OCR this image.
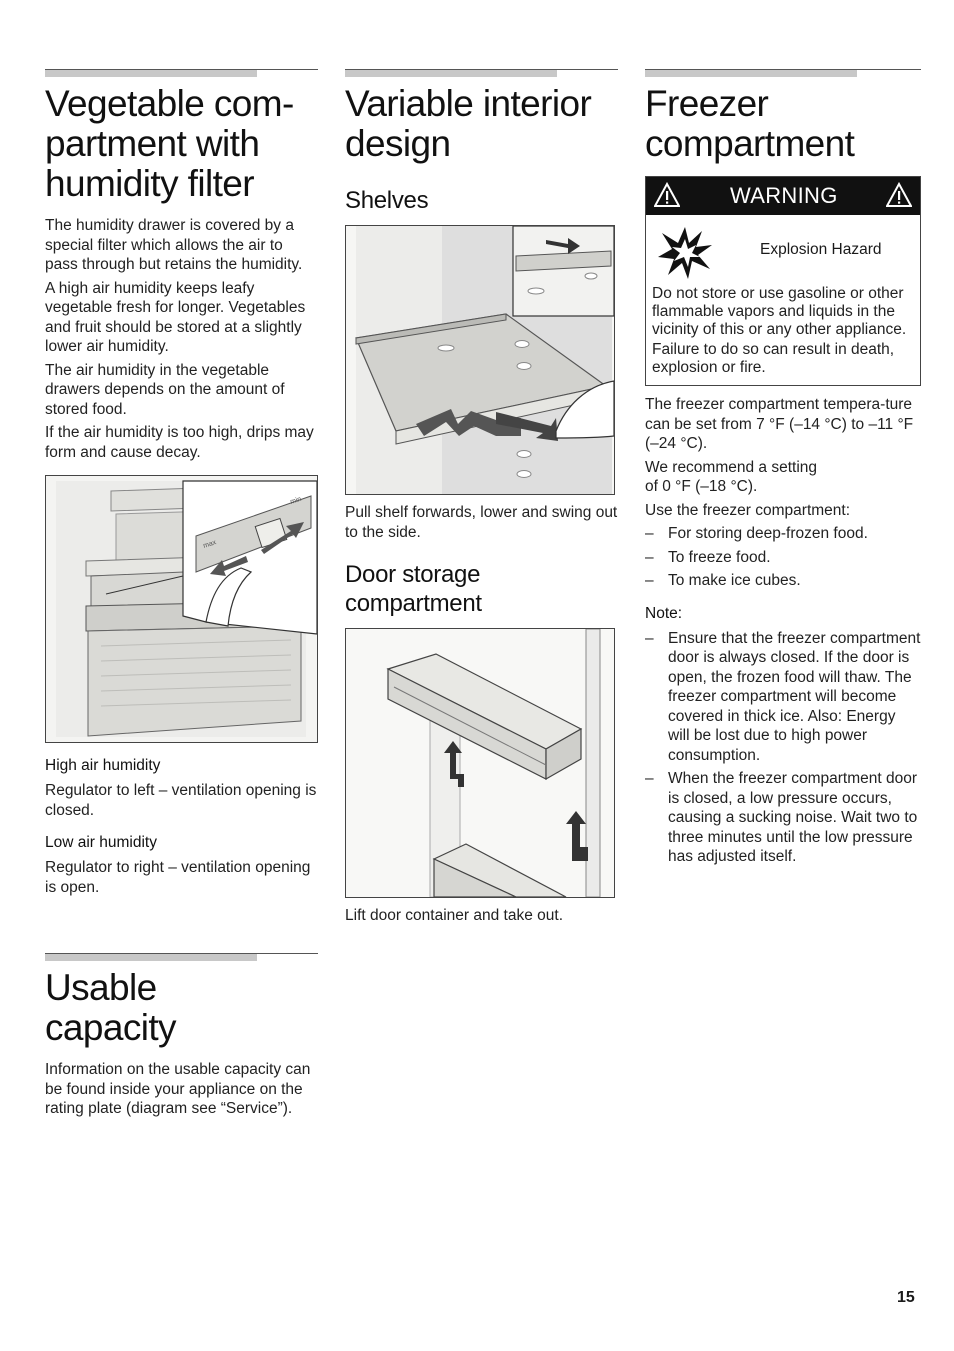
Vegetable com-
partment with
humidity filter

The humidity drawer is covered by a special filter which allows the air to pass through but retains the humidity.

A high air humidity keeps leafy vegetable fresh for longer. Vegetables and fruit should be stored at a slightly lower air humidity.

The air humidity in the vegetable drawers depends on the amount of stored food.

If the air humidity is too high, drips may form and cause decay.

max
min
High air humidity

Regulator to left – ventilation opening is closed.

Low air humidity

Regulator to right – ventilation opening is open.

Usable
capacity

Information on the usable capacity can be found inside your appliance on the rating plate (diagram see “Service”).

Variable interior
design
Shelves

Pull shelf forwards, lower and swing out to the side.

Door storage
compartment

Lift door container and take out.

Freezer
compartment
WARNING
Explosion Hazard

Do not store or use gasoline or other flammable vapors and liquids in the vicinity of this or any other appliance.

Failure to do so can result in death, explosion or fire.

The freezer compartment tempera-ture can be set from 7 °F (–14 °C) to –11 °F (–24 °C).

We recommend a setting
of 0 °F (–18 °C).

Use the freezer compartment:

– For storing deep-frozen food.
– To freeze food.
– To make ice cubes.
Note:
– Ensure that the freezer compartment door is always closed. If the door is open, the frozen food will thaw. The freezer compartment will become covered in thick ice. Also: Energy will be lost due to high power consumption.
– When the freezer compartment door is closed, a low pressure occurs, causing a sucking noise. Wait two to three minutes until the low pressure has adjusted itself.
15
